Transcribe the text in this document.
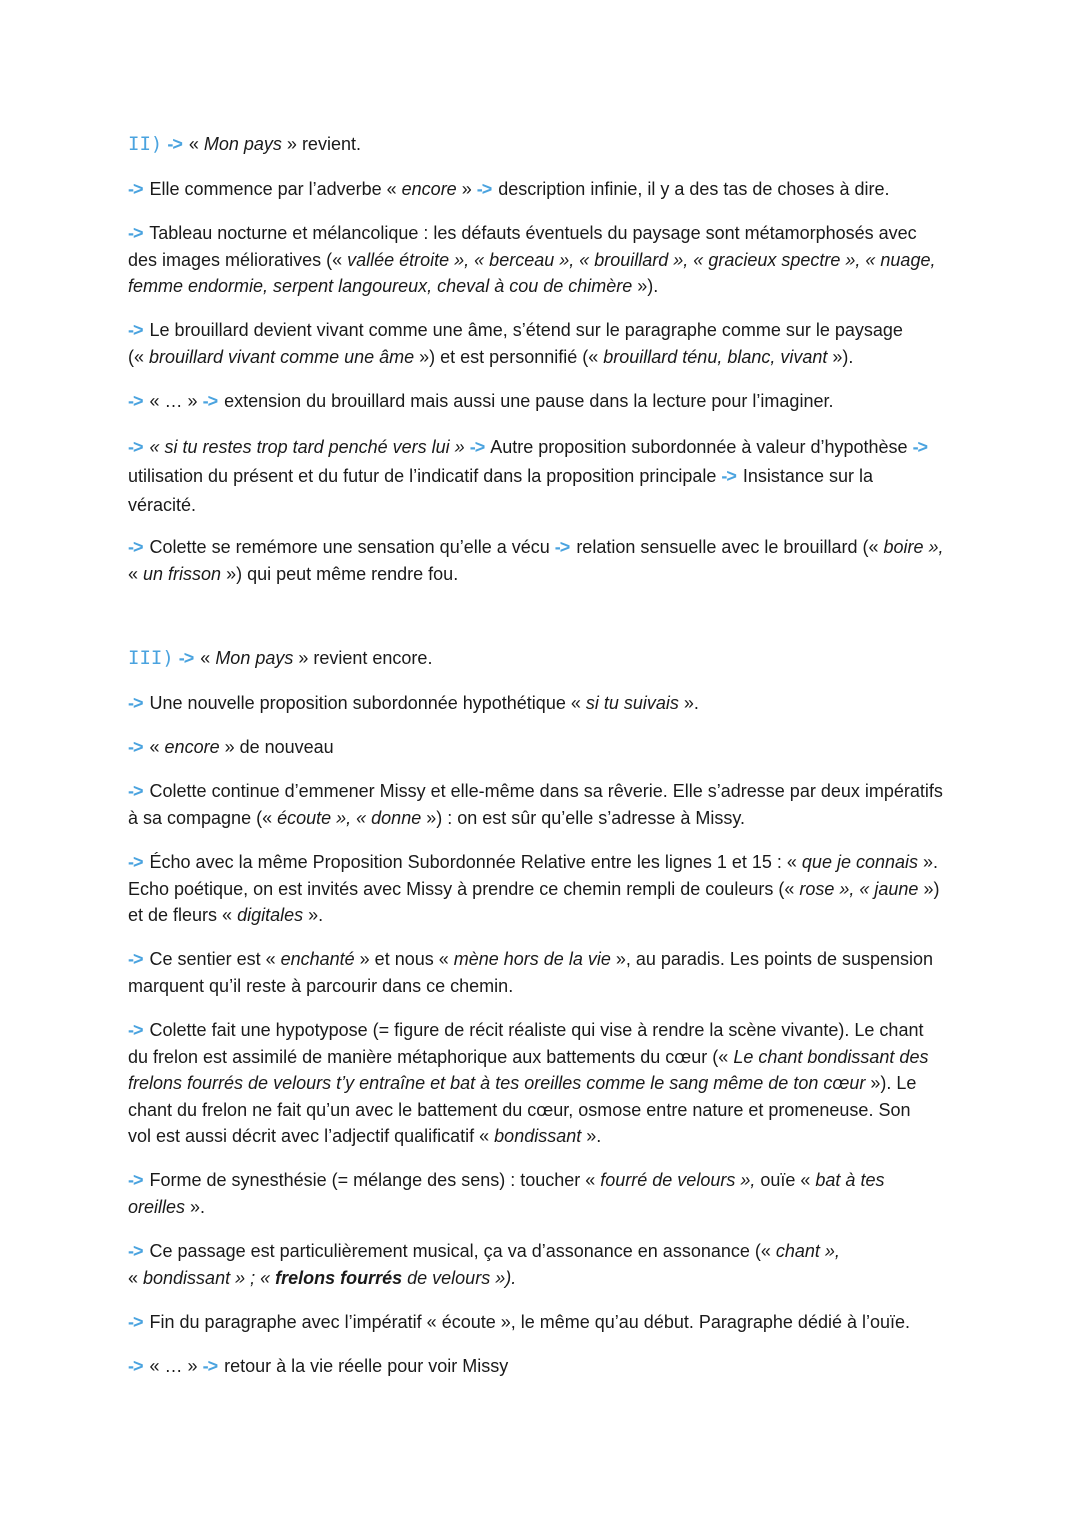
II) -> « Mon pays » revient.

-> Elle commence par l’adverbe « encore » -> description infinie, il y a des tas de choses à dire.

-> Tableau nocturne et mélancolique : les défauts éventuels du paysage sont métamorphosés avec
des images mélioratives (« vallée étroite », « berceau », « brouillard », « gracieux spectre », « nuage,
femme endormie, serpent langoureux, cheval à cou de chimère »).

-> Le brouillard devient vivant comme une âme, s’étend sur le paragraphe comme sur le paysage
(« brouillard vivant comme une âme ») et est personnifié (« brouillard ténu, blanc, vivant »).

-> « … » -> extension du brouillard mais aussi une pause dans la lecture pour l’imaginer.

-> « si tu restes trop tard penché vers lui » -> Autre proposition subordonnée à valeur d’hypothèse ->
utilisation du présent et du futur de l’indicatif dans la proposition principale -> Insistance sur la
véracité.

-> Colette se remémore une sensation qu’elle a vécu -> relation sensuelle avec le brouillard (« boire »,
« un frisson ») qui peut même rendre fou.

III) -> « Mon pays » revient encore.

-> Une nouvelle proposition subordonnée hypothétique « si tu suivais ».

-> « encore » de nouveau

-> Colette continue d’emmener Missy et elle-même dans sa rêverie. Elle s’adresse par deux impératifs
à sa compagne (« écoute », « donne ») : on est sûr qu’elle s’adresse à Missy.

-> Écho avec la même Proposition Subordonnée Relative entre les lignes 1 et 15 : « que je connais ».
Echo poétique, on est invités avec Missy à prendre ce chemin rempli de couleurs (« rose », « jaune »)
et de fleurs « digitales ».

-> Ce sentier est « enchanté » et nous « mène hors de la vie », au paradis. Les points de suspension
marquent qu’il reste à parcourir dans ce chemin.

-> Colette fait une hypotypose (= figure de récit réaliste qui vise à rendre la scène vivante). Le chant
du frelon est assimilé de manière métaphorique aux battements du cœur (« Le chant bondissant des
frelons fourrés de velours t’y entraîne et bat à tes oreilles comme le sang même de ton cœur »). Le
chant du frelon ne fait qu’un avec le battement du cœur, osmose entre nature et promeneuse. Son
vol est aussi décrit avec l’adjectif qualificatif « bondissant ».

-> Forme de synesthésie (= mélange des sens) : toucher « fourré de velours », ouïe « bat à tes
oreilles ».

-> Ce passage est particulièrement musical, ça va d’assonance en assonance (« chant »,
« bondissant » ; « frelons fourrés de velours »).

-> Fin du paragraphe avec l’impératif « écoute », le même qu’au début. Paragraphe dédié à l’ouïe.

-> « … » -> retour à la vie réelle pour voir Missy
